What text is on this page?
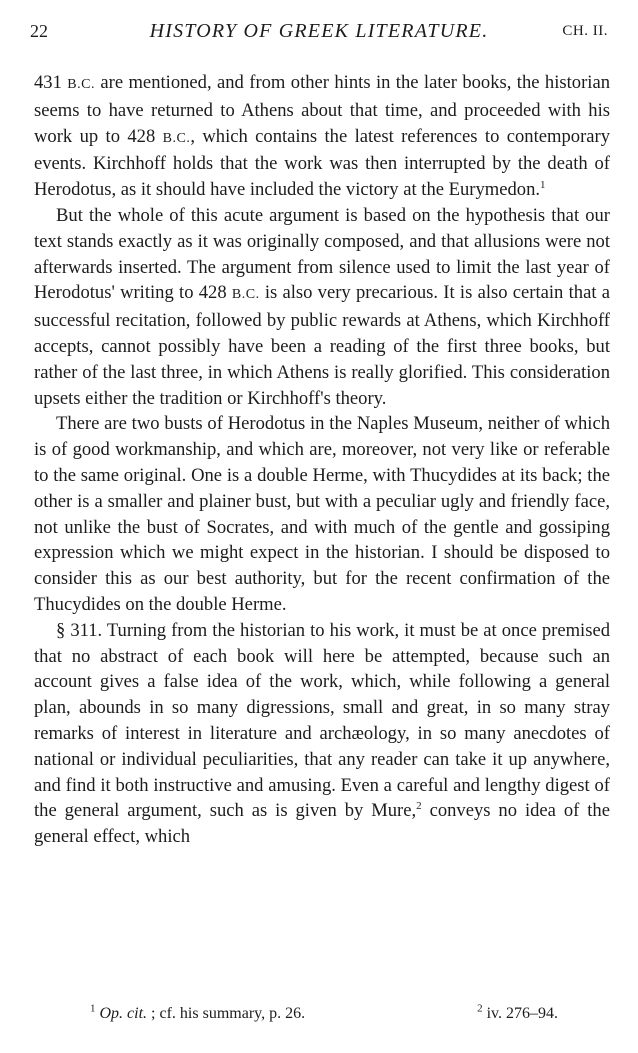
22	HISTORY OF GREEK LITERATURE.	CH. II.

431 B.C. are mentioned, and from other hints in the later books, the historian seems to have returned to Athens about that time, and proceeded with his work up to 428 B.C., which contains the latest references to contemporary events. Kirchhoff holds that the work was then interrupted by the death of Herodotus, as it should have included the victory at the Eurymedon.$^1$

But the whole of this acute argument is based on the hypothesis that our text stands exactly as it was originally composed, and that allusions were not afterwards inserted. The argument from silence used to limit the last year of Herodotus' writing to 428 B.C. is also very precarious. It is also certain that a successful recitation, followed by public rewards at Athens, which Kirchhoff accepts, cannot possibly have been a reading of the first three books, but rather of the last three, in which Athens is really glorified. This consideration upsets either the tradition or Kirchhoff's theory.

There are two busts of Herodotus in the Naples Museum, neither of which is of good workmanship, and which are, moreover, not very like or referable to the same original. One is a double Herme, with Thucydides at its back; the other is a smaller and plainer bust, but with a peculiar ugly and friendly face, not unlike the bust of Socrates, and with much of the gentle and gossiping expression which we might expect in the historian. I should be disposed to consider this as our best authority, but for the recent confirmation of the Thucydides on the double Herme.

§ 311. Turning from the historian to his work, it must be at once premised that no abstract of each book will here be attempted, because such an account gives a false idea of the work, which, while following a general plan, abounds in so many digressions, small and great, in so many stray remarks of interest in literature and archæology, in so many anecdotes of national or individual peculiarities, that any reader can take it up anywhere, and find it both instructive and amusing. Even a careful and lengthy digest of the general argument, such as is given by Mure,$^2$ conveys no idea of the general effect, which

$^1$ Op. cit. ; cf. his summary, p. 26.	$^2$ iv. 276–94.
